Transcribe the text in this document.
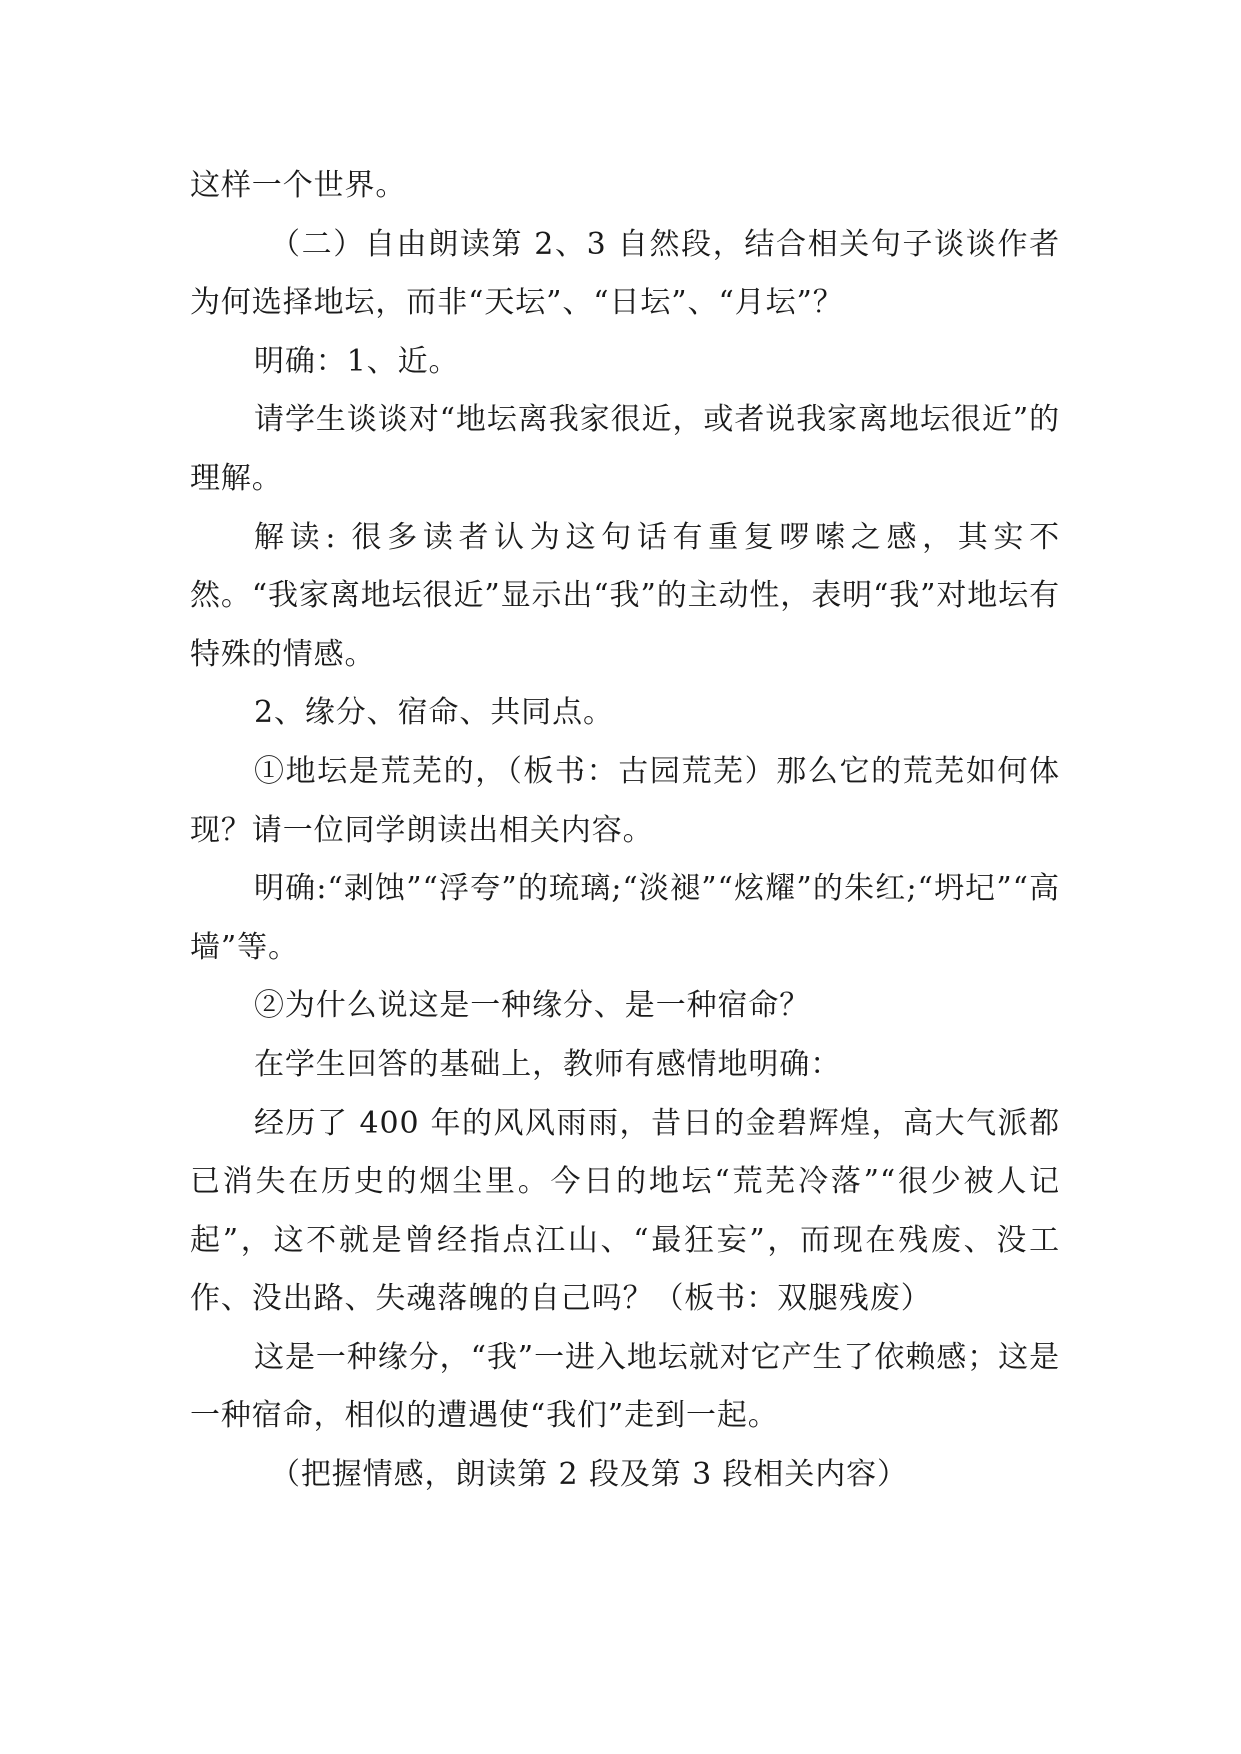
这样一个世界。

（二）自由朗读第 2、3 自然段，结合相关句子谈谈作者为何选择地坛，而非“天坛”、“日坛”、“月坛”？

明确：1、近。

请学生谈谈对“地坛离我家很近，或者说我家离地坛很近”的理解。

解读: 很多读者认为这句话有重复啰嗦之感，其实不然。“我家离地坛很近”显示出“我”的主动性，表明“我”对地坛有特殊的情感。

2、缘分、宿命、共同点。

①地坛是荒芜的，（板书：古园荒芜）那么它的荒芜如何体现？请一位同学朗读出相关内容。

明确:“剥蚀”“浮夸”的琉璃;“淡褪”“炫耀”的朱红;“坍圮”“高墙”等。

②为什么说这是一种缘分、是一种宿命？

在学生回答的基础上，教师有感情地明确：

经历了 400 年的风风雨雨，昔日的金碧辉煌，高大气派都已消失在历史的烟尘里。今日的地坛“荒芜冷落”“很少被人记起”，这不就是曾经指点江山、“最狂妄”，而现在残废、没工作、没出路、失魂落魄的自己吗？（板书：双腿残废）

这是一种缘分，“我”一进入地坛就对它产生了依赖感；这是一种宿命，相似的遭遇使“我们”走到一起。

（把握情感，朗读第 2 段及第 3 段相关内容）
